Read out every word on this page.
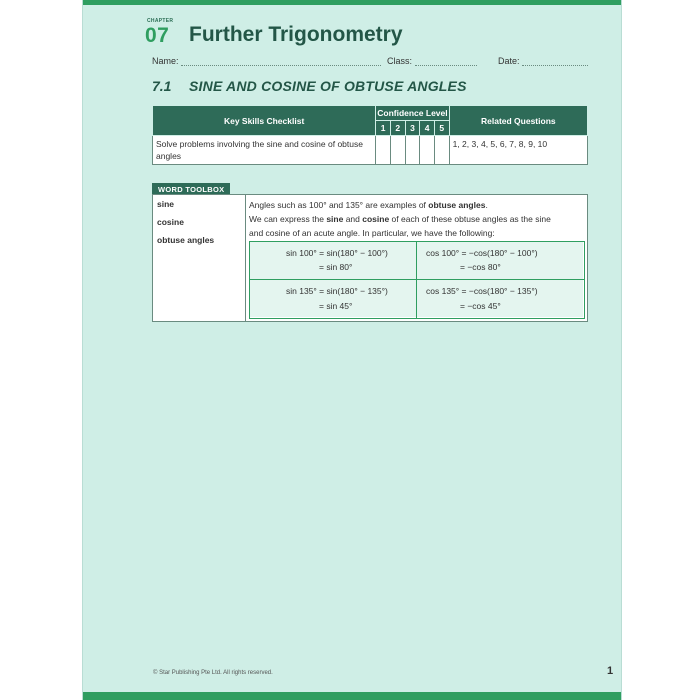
CHAPTER
07 Further Trigonometry
Name:	Class:	Date:
7.1 SINE AND COSINE OF OBTUSE ANGLES
Key Skills Checklist	Confidence Level					Related Questions
	1	2	3	4	5	
Solve problems involving the sine and cosine of obtuse angles						1, 2, 3, 4, 5, 6, 7, 8, 9, 10
WORD TOOLBOX
sine
cosine
obtuse angles
Angles such as 100° and 135° are examples of obtuse angles.
We can express the sine and cosine of each of these obtuse angles as the sine
and cosine of an acute angle. In particular, we have the following:
sin 100° = sin(180° − 100°)
= sin 80°
cos 100° = −cos(180° − 100°)
= −cos 80°
sin 135° = sin(180° − 135°)
= sin 45°
cos 135° = −cos(180° − 135°)
= −cos 45°
© Star Publishing Pte Ltd. All rights reserved.	1
